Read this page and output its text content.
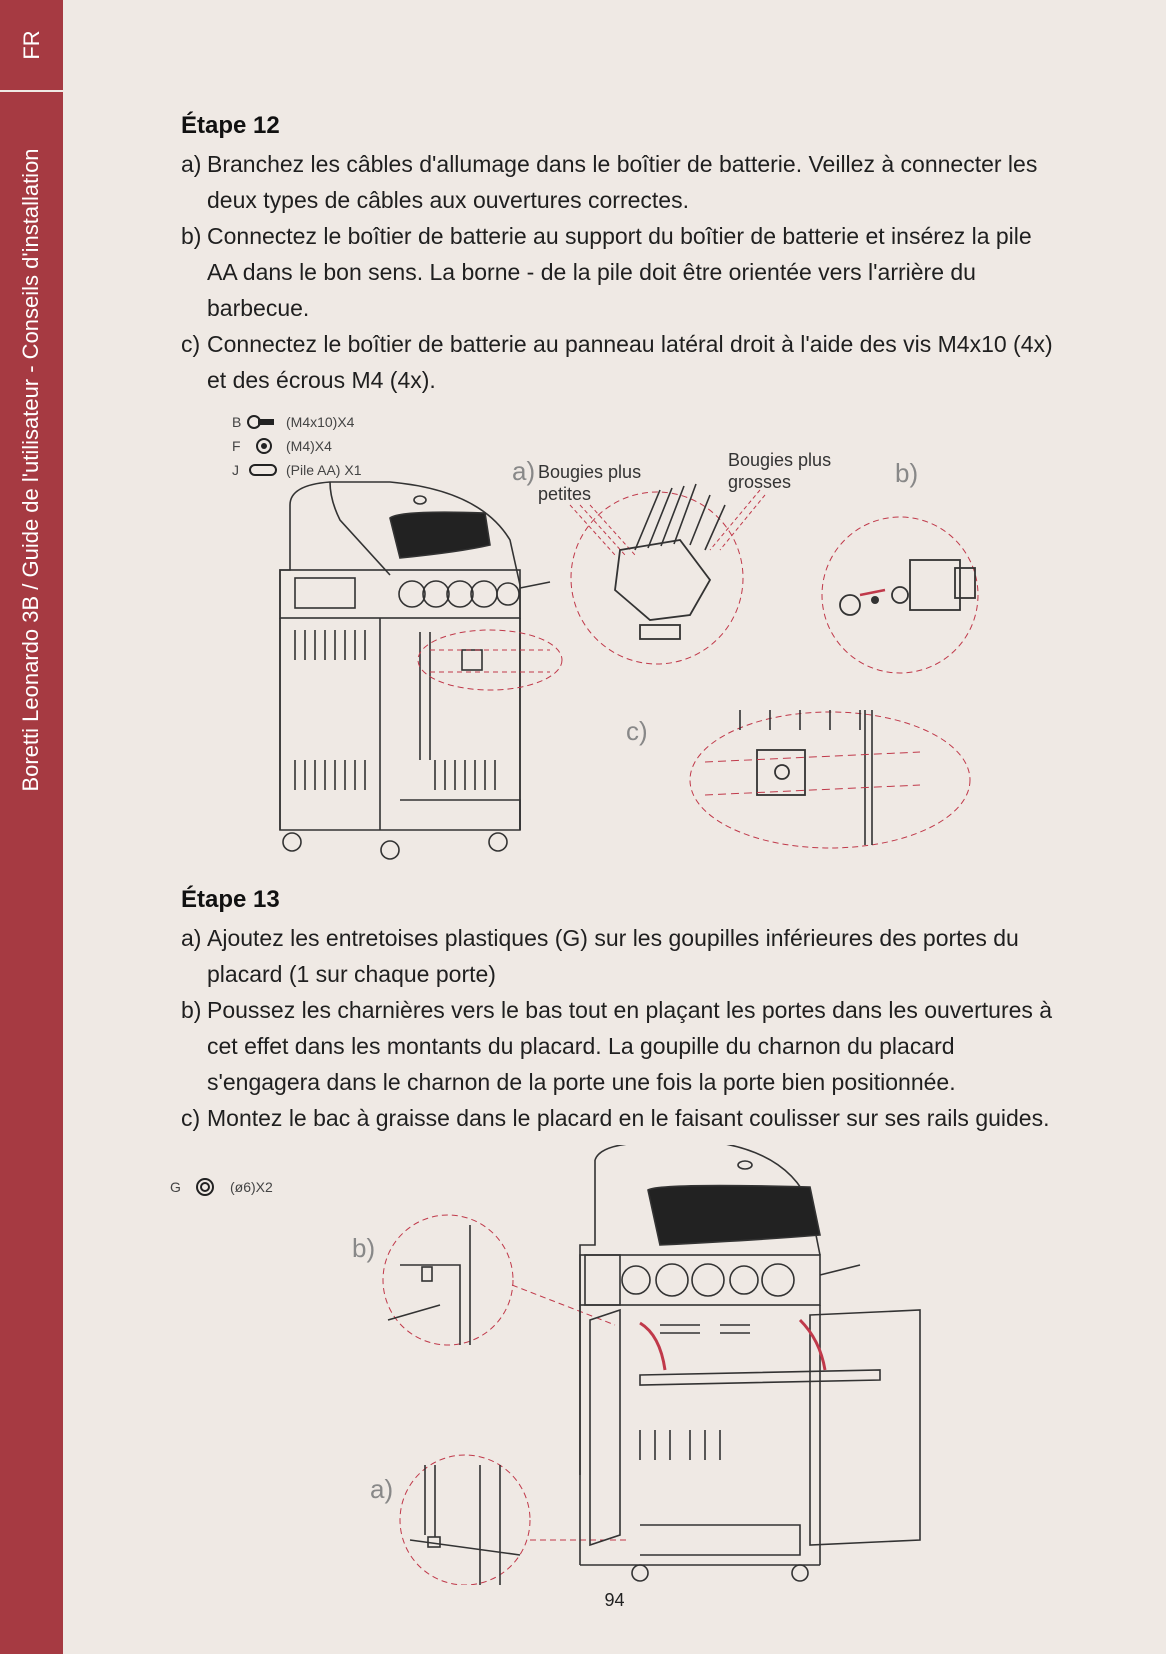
FR
Boretti Leonardo 3B / Guide de l'utilisateur - Conseils d'installation
Étape 12
a) Branchez les câbles d'allumage dans le boîtier de batterie. Veillez à connecter les deux types de câbles aux ouvertures correctes.
b) Connectez le boîtier de batterie au support du boîtier de batterie et insérez la pile AA dans le bon sens. La borne - de la pile doit être orientée vers l'arrière du barbecue.
c) Connectez le boîtier de batterie au panneau latéral droit à l'aide des vis M4x10 (4x) et des écrous M4 (4x).
B	(M4x10)X4
F	(M4)X4
J	(Pile AA) X1	a) Bougies plus
petites
Bougies plus
grosses	b)
c)
Étape 13
a) Ajoutez les entretoises plastiques (G) sur les goupilles inférieures des portes du placard (1 sur chaque porte)
b) Poussez les charnières vers le bas tout en plaçant les portes dans les ouvertures à cet effet dans les montants du placard. La goupille du charnon du placard s'engagera dans le charnon de la porte une fois la porte bien positionnée.
c) Montez le bac à graisse dans le placard en le faisant coulisser sur ses rails guides.
G	(ø6)X2
b)
a)
94
